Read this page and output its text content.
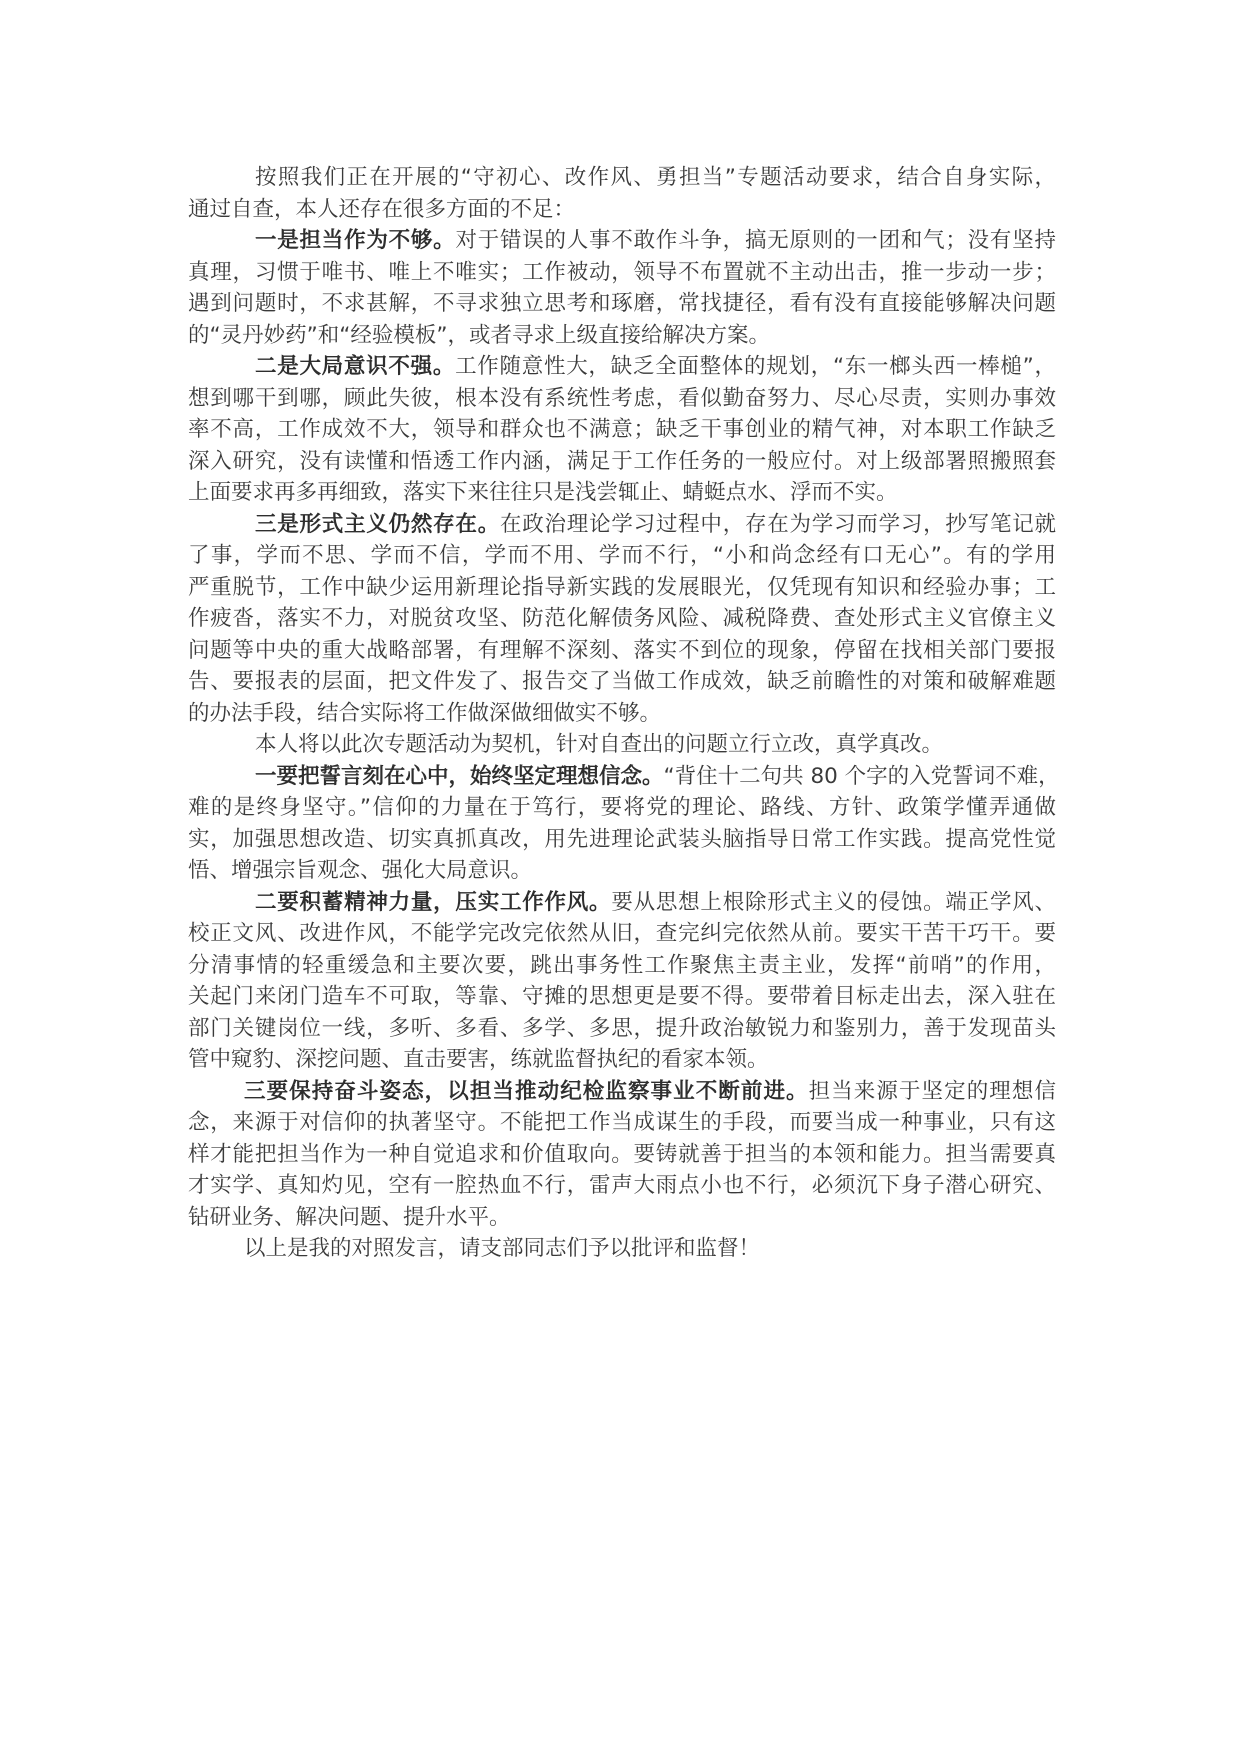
按照我们正在开展的“守初心、改作风、勇担当”专题活动要求，结合自身实际，
通过自查，本人还存在很多方面的不足：
一是担当作为不够。对于错误的人事不敢作斗争，搞无原则的一团和气；没有坚持
真理，习惯于唯书、唯上不唯实；工作被动，领导不布置就不主动出击，推一步动一步；
遇到问题时，不求甚解，不寻求独立思考和琢磨，常找捷径，看有没有直接能够解决问题
的“灵丹妙药”和“经验模板”，或者寻求上级直接给解决方案。
二是大局意识不强。工作随意性大，缺乏全面整体的规划，“东一榔头西一棒槌”，
想到哪干到哪，顾此失彼，根本没有系统性考虑，看似勤奋努力、尽心尽责，实则办事效
率不高，工作成效不大，领导和群众也不满意；缺乏干事创业的精气神，对本职工作缺乏
深入研究，没有读懂和悟透工作内涵，满足于工作任务的一般应付。对上级部署照搬照套
上面要求再多再细致，落实下来往往只是浅尝辄止、蜻蜓点水、浮而不实。
三是形式主义仍然存在。在政治理论学习过程中，存在为学习而学习，抄写笔记就
了事，学而不思、学而不信，学而不用、学而不行，“小和尚念经有口无心”。有的学用
严重脱节，工作中缺少运用新理论指导新实践的发展眼光，仅凭现有知识和经验办事；工
作疲沓，落实不力，对脱贫攻坚、防范化解债务风险、减税降费、查处形式主义官僚主义
问题等中央的重大战略部署，有理解不深刻、落实不到位的现象，停留在找相关部门要报
告、要报表的层面，把文件发了、报告交了当做工作成效，缺乏前瞻性的对策和破解难题
的办法手段，结合实际将工作做深做细做实不够。
本人将以此次专题活动为契机，针对自查出的问题立行立改，真学真改。
一要把誓言刻在心中，始终坚定理想信念。“背住十二句共 80 个字的入党誓词不难，
难的是终身坚守。”信仰的力量在于笃行，要将党的理论、路线、方针、政策学懂弄通做
实，加强思想改造、切实真抓真改，用先进理论武装头脑指导日常工作实践。提高党性觉
悟、增强宗旨观念、强化大局意识。
二要积蓄精神力量，压实工作作风。要从思想上根除形式主义的侵蚀。端正学风、
校正文风、改进作风，不能学完改完依然从旧，查完纠完依然从前。要实干苦干巧干。要
分清事情的轻重缓急和主要次要，跳出事务性工作聚焦主责主业，发挥“前哨”的作用，
关起门来闭门造车不可取，等靠、守摊的思想更是要不得。要带着目标走出去，深入驻在
部门关键岗位一线，多听、多看、多学、多思，提升政治敏锐力和鉴别力，善于发现苗头
管中窥豹、深挖问题、直击要害，练就监督执纪的看家本领。
三要保持奋斗姿态，以担当推动纪检监察事业不断前进。担当来源于坚定的理想信
念，来源于对信仰的执著坚守。不能把工作当成谋生的手段，而要当成一种事业，只有这
样才能把担当作为一种自觉追求和价值取向。要铸就善于担当的本领和能力。担当需要真
才实学、真知灼见，空有一腔热血不行，雷声大雨点小也不行，必须沉下身子潜心研究、
钻研业务、解决问题、提升水平。
以上是我的对照发言，请支部同志们予以批评和监督！
